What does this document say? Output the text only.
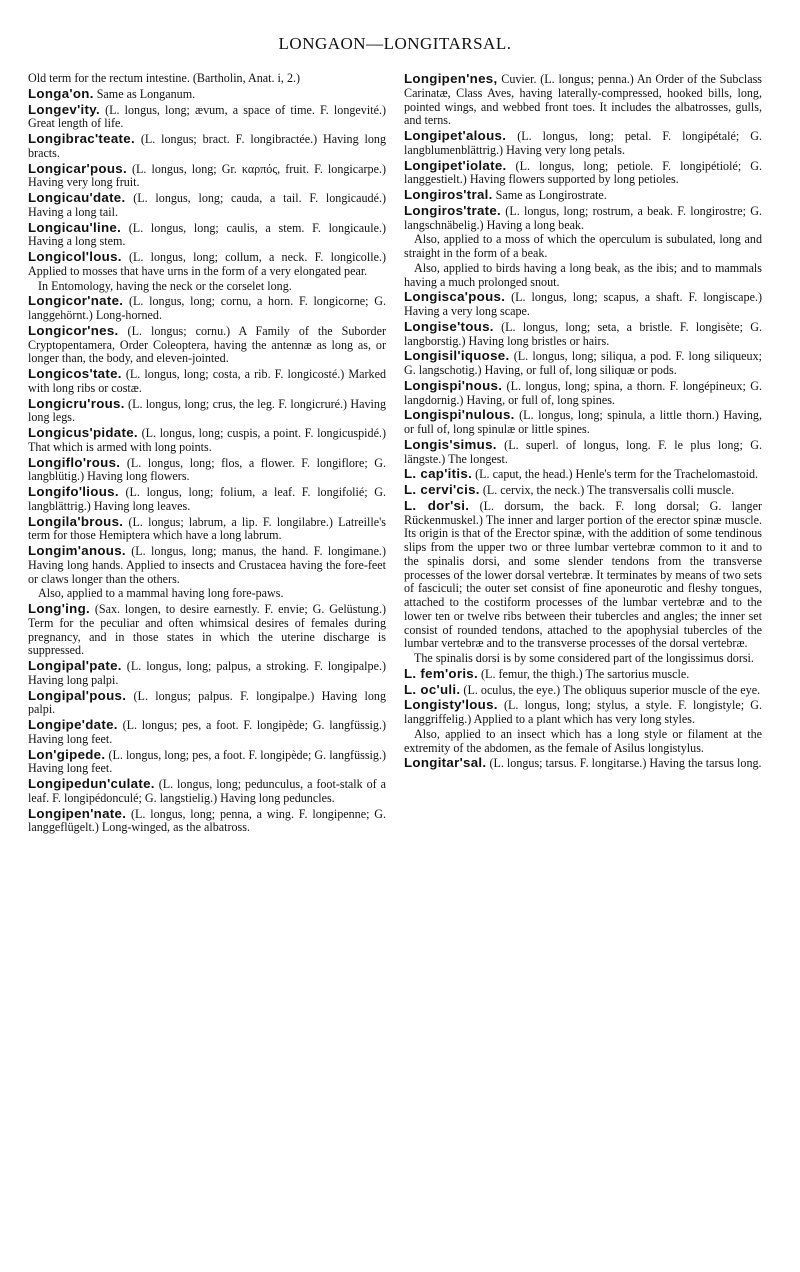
LONGAON—LONGITARSAL.

Old term for the rectum intestine. (Bartholin, Anat. i, 2.)

Longa'on. Same as Longanum.

Longev'ity. (L. longus, long; ævum, a space of time. F. longevité.) Great length of life.

Longibrac'teate. (L. longus; bract. F. longibractée.) Having long bracts.

Longicar'pous. (L. longus, long; Gr. καρπός, fruit. F. longicarpe.) Having very long fruit.

Longicau'date. (L. longus, long; cauda, a tail. F. longicaudé.) Having a long tail.

Longicau'line. (L. longus, long; caulis, a stem. F. longicaule.) Having a long stem.

Longicol'lous. (L. longus, long; collum, a neck. F. longicolle.) Applied to mosses that have urns in the form of a very elongated pear.

In Entomology, having the neck or the corselet long.

Longicor'nate. (L. longus, long; cornu, a horn. F. longicorne; G. langgehörnt.) Long-horned.

Longicor'nes. (L. longus; cornu.) A Family of the Suborder Cryptopentamera, Order Coleoptera, having the antennæ as long as, or longer than, the body, and eleven-jointed.

Longicos'tate. (L. longus, long; costa, a rib. F. longicosté.) Marked with long ribs or costæ.

Longicru'rous. (L. longus, long; crus, the leg. F. longicruré.) Having long legs.

Longicus'pidate. (L. longus, long; cuspis, a point. F. longicuspidé.) That which is armed with long points.

Longiflo'rous. (L. longus, long; flos, a flower. F. longiflore; G. langblütig.) Having long flowers.

Longifo'lious. (L. longus, long; folium, a leaf. F. longifolié; G. langblättrig.) Having long leaves.

Longila'brous. (L. longus; labrum, a lip. F. longilabre.) Latreille's term for those Hemiptera which have a long labrum.

Longim'anous. (L. longus, long; manus, the hand. F. longimane.) Having long hands. Applied to insects and Crustacea having the fore-feet or claws longer than the others.

Also, applied to a mammal having long fore-paws.

Long'ing. (Sax. longen, to desire earnestly. F. envie; G. Gelüstung.) Term for the peculiar and often whimsical desires of females during pregnancy, and in those states in which the uterine discharge is suppressed.

Longipal'pate. (L. longus, long; palpus, a stroking. F. longipalpe.) Having long palpi.

Longipal'pous. (L. longus; palpus. F. longipalpe.) Having long palpi.

Longipe'date. (L. longus; pes, a foot. F. longipède; G. langfüssig.) Having long feet.

Lon'gipede. (L. longus, long; pes, a foot. F. longipède; G. langfüssig.) Having long feet.

Longipedun'culate. (L. longus, long; pedunculus, a foot-stalk of a leaf. F. longipédonculé; G. langstielig.) Having long peduncles.

Longipen'nate. (L. longus, long; penna, a wing. F. longipenne; G. langgeflügelt.) Long-winged, as the albatross.

Longipen'nes, Cuvier. (L. longus; penna.) An Order of the Subclass Carinatæ, Class Aves, having laterally-compressed, hooked bills, long, pointed wings, and webbed front toes. It includes the albatrosses, gulls, and terns.

Longipet'alous. (L. longus, long; petal. F. longipétalé; G. langblumenblättrig.) Having very long petals.

Longipet'iolate. (L. longus, long; petiole. F. longipétiolé; G. langgestielt.) Having flowers supported by long petioles.

Longiros'tral. Same as Longirostrate.

Longiros'trate. (L. longus, long; rostrum, a beak. F. longirostre; G. langschnäbelig.) Having a long beak.

Also, applied to a moss of which the operculum is subulated, long and straight in the form of a beak.

Also, applied to birds having a long beak, as the ibis; and to mammals having a much prolonged snout.

Longisca'pous. (L. longus, long; scapus, a shaft. F. longiscape.) Having a very long scape.

Longise'tous. (L. longus, long; seta, a bristle. F. longisète; G. langborstig.) Having long bristles or hairs.

Longisil'iquose. (L. longus, long; siliqua, a pod. F. long siliqueux; G. langschotig.) Having, or full of, long siliquæ or pods.

Longispi'nous. (L. longus, long; spina, a thorn. F. longépineux; G. langdornig.) Having, or full of, long spines.

Longispi'nulous. (L. longus, long; spinula, a little thorn.) Having, or full of, long spinulæ or little spines.

Longis'simus. (L. superl. of longus, long. F. le plus long; G. längste.) The longest.

L. cap'itis. (L. caput, the head.) Henle's term for the Trachelomastoid.

L. cervi'cis. (L. cervix, the neck.) The transversalis colli muscle.

L. dor'si. (L. dorsum, the back. F. long dorsal; G. langer Rückenmuskel.) The inner and larger portion of the erector spinæ muscle. Its origin is that of the Erector spinæ, with the addition of some tendinous slips from the upper two or three lumbar vertebræ common to it and to the spinalis dorsi, and some slender tendons from the transverse processes of the lower dorsal vertebræ. It terminates by means of two sets of fasciculi; the outer set consist of fine aponeurotic and fleshy tongues, attached to the costiform processes of the lumbar vertebræ and to the lower ten or twelve ribs between their tubercles and angles; the inner set consist of rounded tendons, attached to the apophysial tubercles of the lumbar vertebræ and to the transverse processes of the dorsal vertebræ.

The spinalis dorsi is by some considered part of the longissimus dorsi.

L. fem'oris. (L. femur, the thigh.) The sartorius muscle.

L. oc'uli. (L. oculus, the eye.) The obliquus superior muscle of the eye.

Longisty'lous. (L. longus, long; stylus, a style. F. longistyle; G. langgriffelig.) Applied to a plant which has very long styles.

Also, applied to an insect which has a long style or filament at the extremity of the abdomen, as the female of Asilus longistylus.

Longitar'sal. (L. longus; tarsus. F. longitarse.) Having the tarsus long.
